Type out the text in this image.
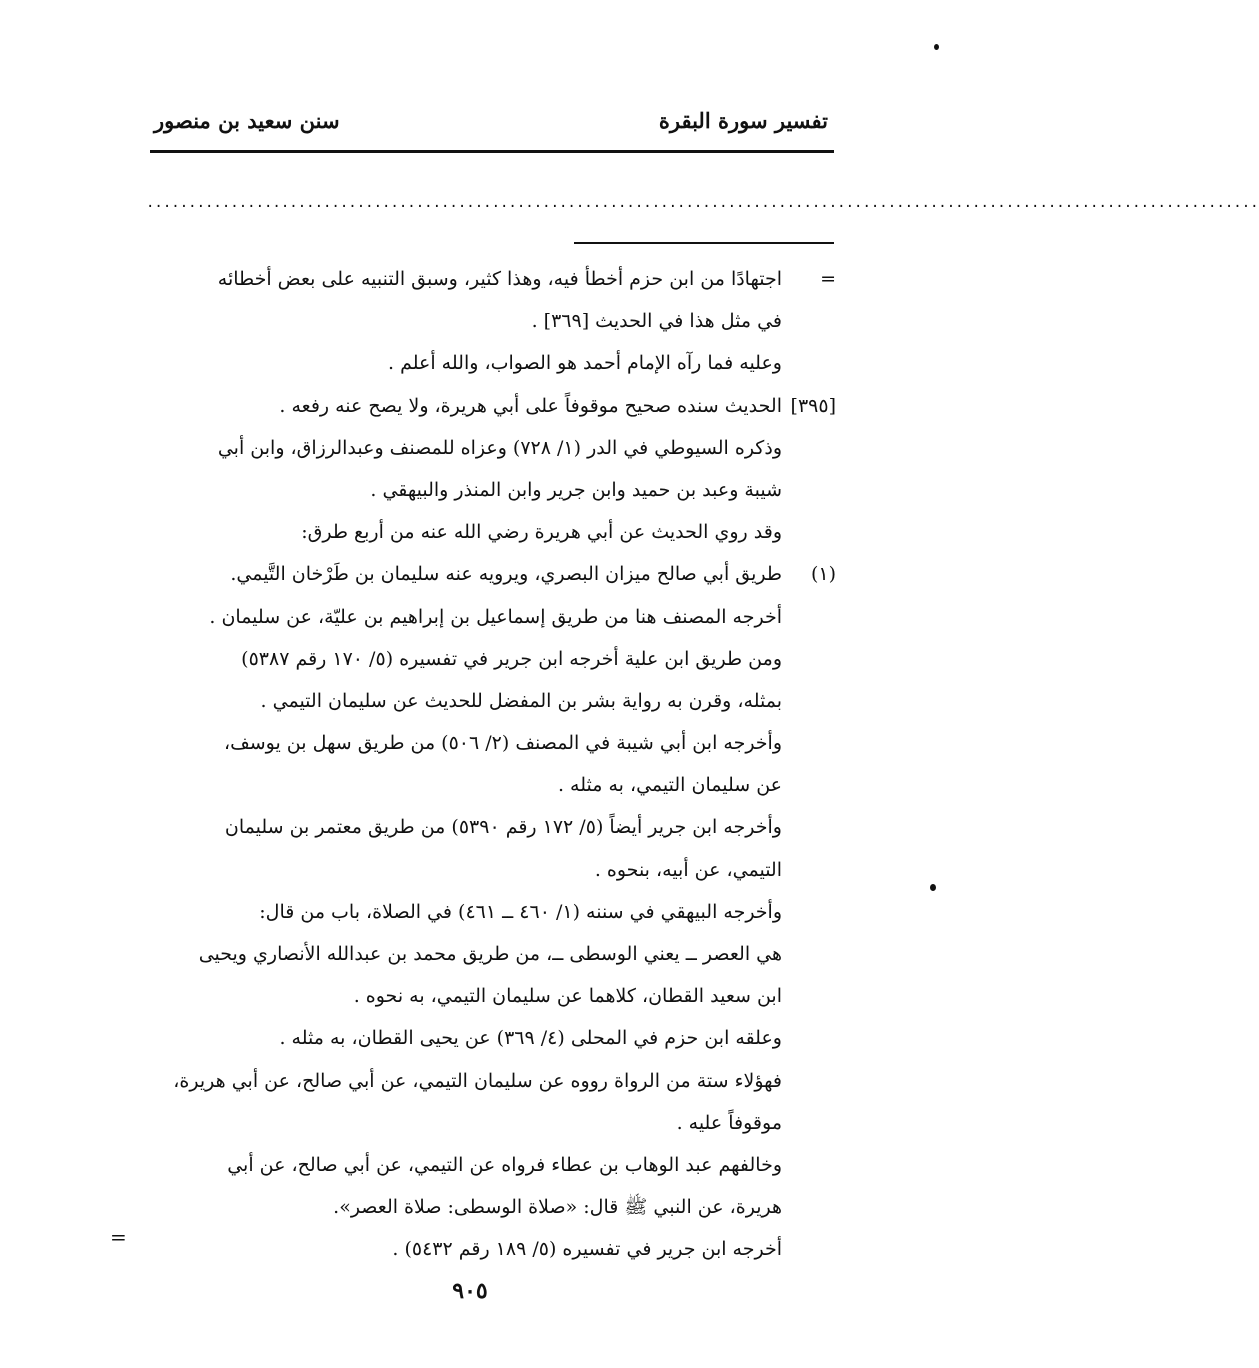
تفسير سورة البقرة
سنن سعيد بن منصور
....................................................................................................................................
=
اجتهادًا من ابن حزم أخطأ فيه، وهذا كثير، وسبق التنبيه على بعض أخطائه
في مثل هذا في الحديث [٣٦٩] .
وعليه فما رآه الإمام أحمد هو الصواب، والله أعلم .
[٣٩٥]
الحديث سنده صحيح موقوفاً على أبي هريرة، ولا يصح عنه رفعه .
وذكره السيوطي في الدر (١/ ٧٢٨) وعزاه للمصنف وعبدالرزاق، وابن أبي
شيبة وعبد بن حميد وابن جرير وابن المنذر والبيهقي .
وقد روي الحديث عن أبي هريرة رضي الله عنه من أربع طرق:
(١)
طريق أبي صالح ميزان البصري، ويرويه عنه سليمان بن طَرْخان التَّيمي.
أخرجه المصنف هنا من طريق إسماعيل بن إبراهيم بن عليّة، عن سليمان .
ومن طريق ابن علية أخرجه ابن جرير في تفسيره (٥/ ١٧٠ رقم ٥٣٨٧)
بمثله، وقرن به رواية بشر بن المفضل للحديث عن سليمان التيمي .
وأخرجه ابن أبي شيبة في المصنف (٢/ ٥٠٦) من طريق سهل بن يوسف،
عن سليمان التيمي، به مثله .
وأخرجه ابن جرير أيضاً (٥/ ١٧٢ رقم ٥٣٩٠) من طريق معتمر بن سليمان
التيمي، عن أبيه، بنحوه .
وأخرجه البيهقي في سننه (١/ ٤٦٠ ــ ٤٦١) في الصلاة، باب من قال:
هي العصر ــ يعني الوسطى ــ، من طريق محمد بن عبدالله الأنصاري ويحيى
ابن سعيد القطان، كلاهما عن سليمان التيمي، به نحوه .
وعلقه ابن حزم في المحلى (٤/ ٣٦٩) عن يحيى القطان، به مثله .
فهؤلاء ستة من الرواة رووه عن سليمان التيمي، عن أبي صالح، عن أبي هريرة،
موقوفاً عليه .
وخالفهم عبد الوهاب بن عطاء فرواه عن التيمي، عن أبي صالح، عن أبي
هريرة، عن النبي ﷺ قال: «صلاة الوسطى: صلاة العصر».
أخرجه ابن جرير في تفسيره (٥/ ١٨٩ رقم ٥٤٣٢) .
=
٩٠٥
